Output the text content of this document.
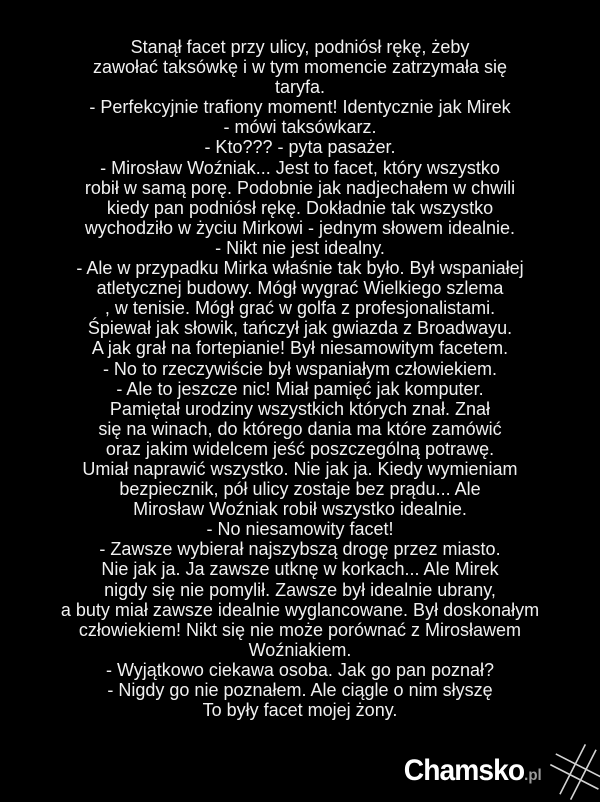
Stanął facet przy ulicy, podniósł rękę, żeby
zawołać taksówkę i w tym momencie zatrzymała się
taryfa.
- Perfekcyjnie trafiony moment! Identycznie jak Mirek
- mówi taksówkarz.
- Kto??? - pyta pasażer.
- Mirosław Woźniak... Jest to facet, który wszystko
robił w samą porę. Podobnie jak nadjechałem w chwili
kiedy pan podniósł rękę. Dokładnie tak wszystko
wychodziło w życiu Mirkowi - jednym słowem idealnie.
- Nikt nie jest idealny.
- Ale w przypadku Mirka właśnie tak było. Był wspaniałej
atletycznej budowy. Mógł wygrać Wielkiego szlema
, w tenisie. Mógł grać w golfa z profesjonalistami.
Śpiewał jak słowik, tańczył jak gwiazda z Broadwayu.
A jak grał na fortepianie! Był niesamowitym facetem.
- No to rzeczywiście był wspaniałym człowiekiem.
- Ale to jeszcze nic! Miał pamięć jak komputer.
Pamiętał urodziny wszystkich których znał. Znał
się na winach, do którego dania ma które zamówić
oraz jakim widelcem jeść poszczególną potrawę.
Umiał naprawić wszystko. Nie jak ja. Kiedy wymieniam
bezpiecznik, pół ulicy zostaje bez prądu... Ale
Mirosław Woźniak robił wszystko idealnie.
- No niesamowity facet!
- Zawsze wybierał najszybszą drogę przez miasto.
Nie jak ja. Ja zawsze utknę w korkach... Ale Mirek
nigdy się nie pomylił. Zawsze był idealnie ubrany,
a buty miał zawsze idealnie wyglancowane. Był doskonałym
człowiekiem! Nikt się nie może porównać z Mirosławem
Woźniakiem.
- Wyjątkowo ciekawa osoba. Jak go pan poznał?
- Nigdy go nie poznałem. Ale ciągle o nim słyszę
To były facet mojej żony.
Chamsko.pl
